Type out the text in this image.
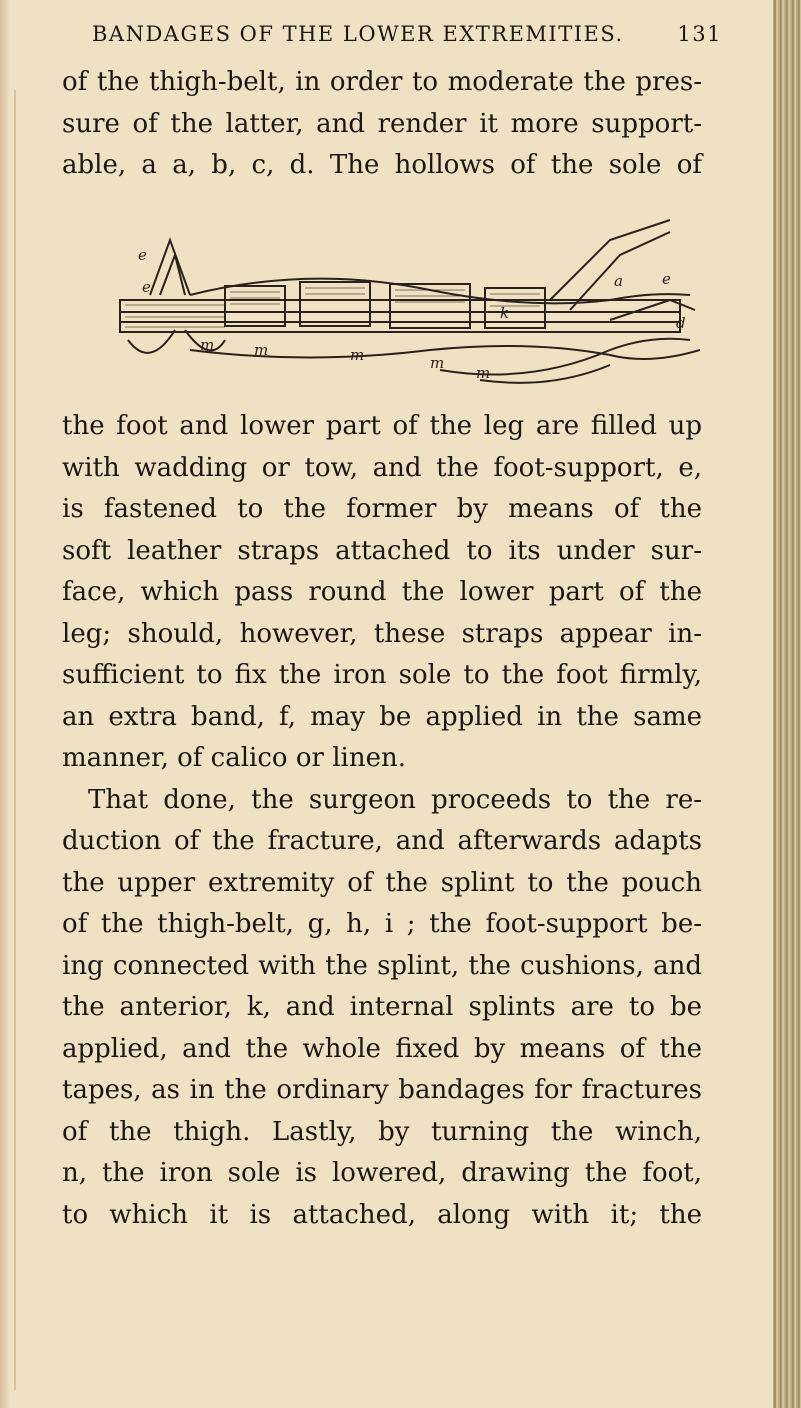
BANDAGES OF THE LOWER EXTREMITIES.	131
of the thigh-belt, in order to moderate the pres-
sure of the latter, and render it more support-
able, a a, b, c, d. The hollows of the sole of
e
e
k
a	e
d
m	m	m	m
m
the foot and lower part of the leg are filled up
with wadding or tow, and the foot-support, e,
is fastened to the former by means of the
soft leather straps attached to its under sur-
face, which pass round the lower part of the
leg; should, however, these straps appear in-
sufficient to fix the iron sole to the foot firmly,
an extra band, f, may be applied in the same
manner, of calico or linen.
That done, the surgeon proceeds to the re-
duction of the fracture, and afterwards adapts
the upper extremity of the splint to the pouch
of the thigh-belt, g, h, i ; the foot-support be-
ing connected with the splint, the cushions, and
the anterior, k, and internal splints are to be
applied, and the whole fixed by means of the
tapes, as in the ordinary bandages for fractures
of the thigh. Lastly, by turning the winch,
n, the iron sole is lowered, drawing the foot,
to which it is attached, along with it; the
